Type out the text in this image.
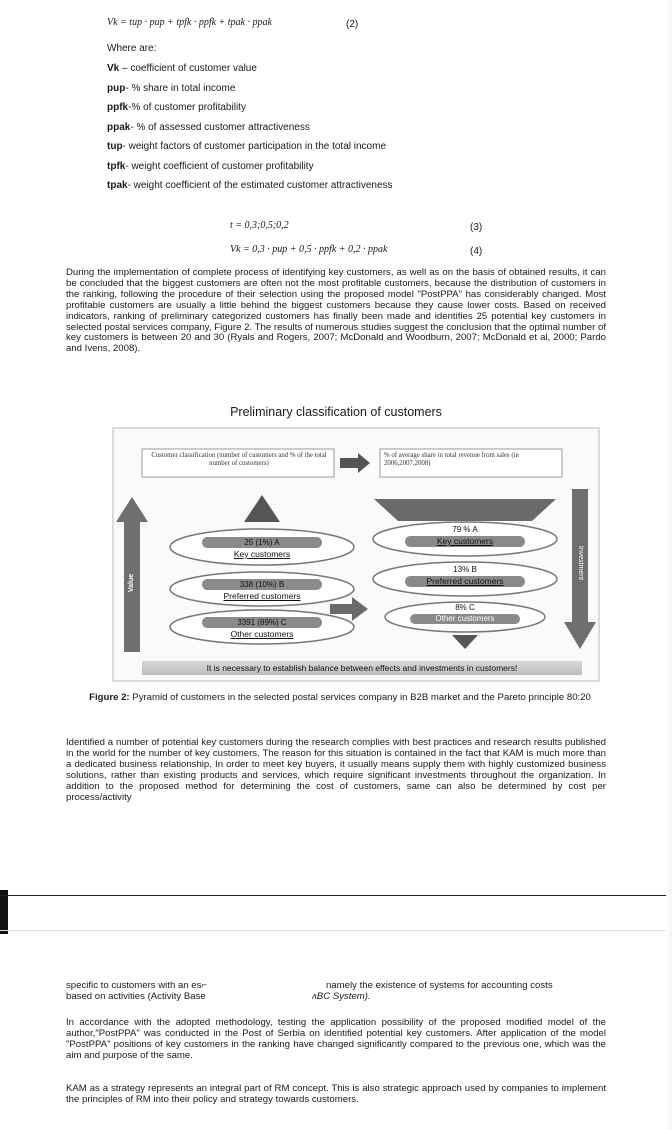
Vk = tup · pup + tpfk · ppfk + tpak · ppak	(2)
Where are:
Vk – coefficient of customer value
pup- % share in total income
ppfk-% of customer profitability
ppak- % of assessed customer attractiveness
tup- weight factors of customer participation in the total income
tpfk- weight coefficient of customer profitability
tpak- weight coefficient of the estimated customer attractiveness
t = 0,3;0,5;0,2	(3)
Vk = 0,3 · pup + 0,5 · ppfk + 0,2 · ppak	(4)
During the implementation of complete process of identifying key customers, as well as on the basis of obtained results, it can be concluded that the biggest customers are often not the most profitable customers, because the distribution of customers in the ranking, following the procedure of their selection using the proposed model "PostPPA" has considerably changed. Most profitable customers are usually a little behind the biggest customers because they cause lower costs. Based on received indicators, ranking of preliminary categorized customers has finally been made and identifies 25 potential key customers in selected postal services company, Figure 2. The results of numerous studies suggest the conclusion that the optimal number of key customers is between 20 and 30 (Ryals and Rogers, 2007; McDonald and Woodburn, 2007; McDonald et al, 2000; Pardo and Ivens, 2008).
Preliminary classification of customers
Customer classification (number of customers and % of the total number of customers)
% of average share in total revenue from sales (in 2006,2007,2008)
Value
Investment
25 (1%) A
Key customers
338 (10%) B
Preferred customers
3391 (89%) C
Other customers
79 % A
Key customers
13% B
Preferred customers
8% C
Other customers
It is necessary to establish balance between effects and investments in customers!
Figure 2: Pyramid of customers in the selected postal services company in B2B market and the Pareto principle 80:20
Identified a number of potential key customers during the research complies with best practices and research results published in the world for the number of key customers. The reason for this situation is contained in the fact that KAM is much more than a dedicated business relationship. In order to meet key buyers, it usually means supply them with highly customized business solutions, rather than existing products and services, which require significant investments throughout the organization. In addition to the proposed method for determining the cost of customers, same can also be determined by cost per process/activity
specific to customers with an es⌐	namely the existence of systems for accounting costs
based on activities (Activity Base	ʌBC System).
In accordance with the adopted methodology, testing the application possibility of the proposed modified model of the author,"PostPPA" was conducted in the Post of Serbia on identified potential key customers. After application of the model "PostPPA" positions of key customers in the ranking have changed significantly compared to the previous one, which was the aim and purpose of the same.
KAM as a strategy represents an integral part of RM concept. This is also strategic approach used by companies to implement the principles of RM into their policy and strategy towards customers.
